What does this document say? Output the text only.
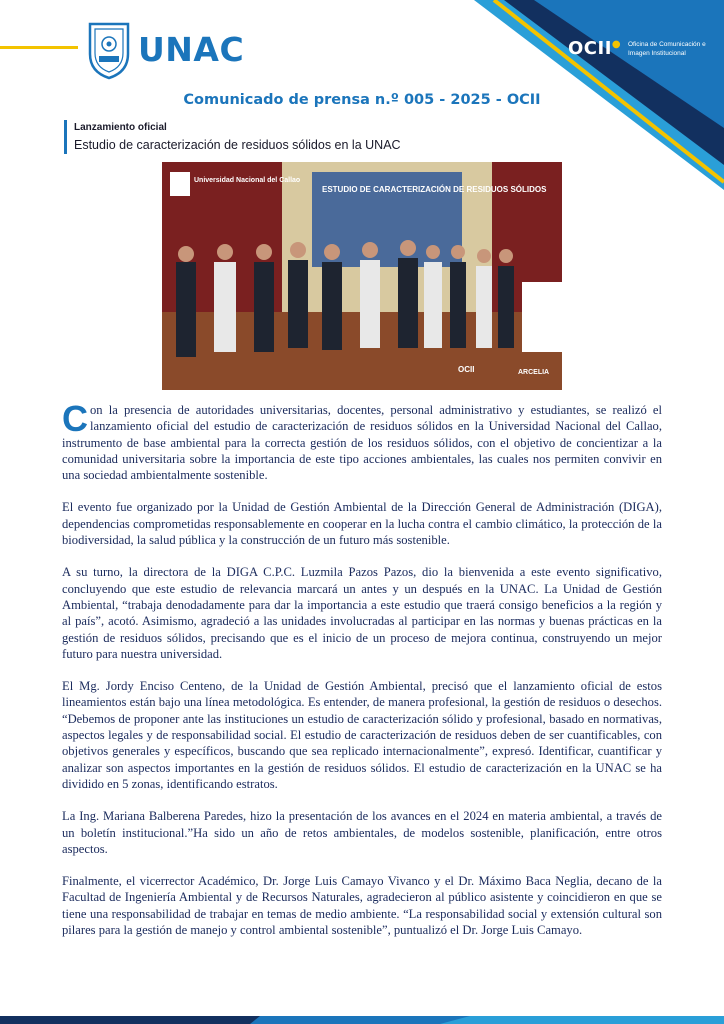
OCII● Oficina de Comunicación e Imagen Institucional
UNAC
Comunicado de prensa n.º 005 - 2025 - OCII
Lanzamiento oficial
Estudio de caracterización de residuos sólidos en la UNAC
ESTUDIO DE CARACTERIZACIÓN DE RESIDUOS SÓLIDOS
Universidad Nacional del Callao
OCII	ARCELIA

Con la presencia de autoridades universitarias, docentes, personal administrativo y estudiantes, se realizó el lanzamiento oficial del estudio de caracterización de residuos sólidos en la Universidad Nacional del Callao, instrumento de base ambiental para la correcta gestión de los residuos sólidos, con el objetivo de concientizar a la comunidad universitaria sobre la importancia de este tipo acciones ambientales, las cuales nos permiten convivir en una sociedad ambientalmente sostenible.

El evento fue organizado por la Unidad de Gestión Ambiental de la Dirección General de Administración (DIGA), dependencias comprometidas responsablemente en cooperar en la lucha contra el cambio climático, la protección de la biodiversidad, la salud pública y la construcción de un futuro más sostenible.

A su turno, la directora de la DIGA C.P.C. Luzmila Pazos Pazos, dio la bienvenida a este evento significativo, concluyendo que este estudio de relevancia marcará un antes y un después en la UNAC. La Unidad de Gestión Ambiental, “trabaja denodadamente para dar la importancia a este estudio que traerá consigo beneficios a la región y al país”, acotó. Asimismo, agradeció a las unidades involucradas al participar en las normas y buenas prácticas en la gestión de residuos sólidos, precisando que es el inicio de un proceso de mejora continua, construyendo un mejor futuro para nuestra universidad.

El Mg. Jordy Enciso Centeno, de la Unidad de Gestión Ambiental, precisó que el lanzamiento oficial de estos lineamientos están bajo una línea metodológica. Es entender, de manera profesional, la gestión de residuos o desechos. “Debemos de proponer ante las instituciones un estudio de caracterización sólido y profesional, basado en normativas, aspectos legales y de responsabilidad social. El estudio de caracterización de residuos deben de ser cuantificables, con objetivos generales y específicos, buscando que sea replicado internacionalmente”, expresó. Identificar, cuantificar y analizar son aspectos importantes en la gestión de residuos sólidos. El estudio de caracterización en la UNAC se ha dividido en 5 zonas, identificando estratos.

La Ing. Mariana Balberena Paredes, hizo la presentación de los avances en el 2024 en materia ambiental, a través de un boletín institucional.”Ha sido un año de retos ambientales, de modelos sostenible, planificación, entre otros aspectos.

Finalmente, el vicerrector Académico, Dr. Jorge Luis Camayo Vivanco y el Dr. Máximo Baca Neglia, decano de la Facultad de Ingeniería Ambiental y de Recursos Naturales, agradecieron al público asistente y coincidieron en que se tiene una responsabilidad de trabajar en temas de medio ambiente. “La responsabilidad social y extensión cultural son pilares para la gestión de manejo y control ambiental sostenible”, puntualizó el Dr. Jorge Luis Camayo.
